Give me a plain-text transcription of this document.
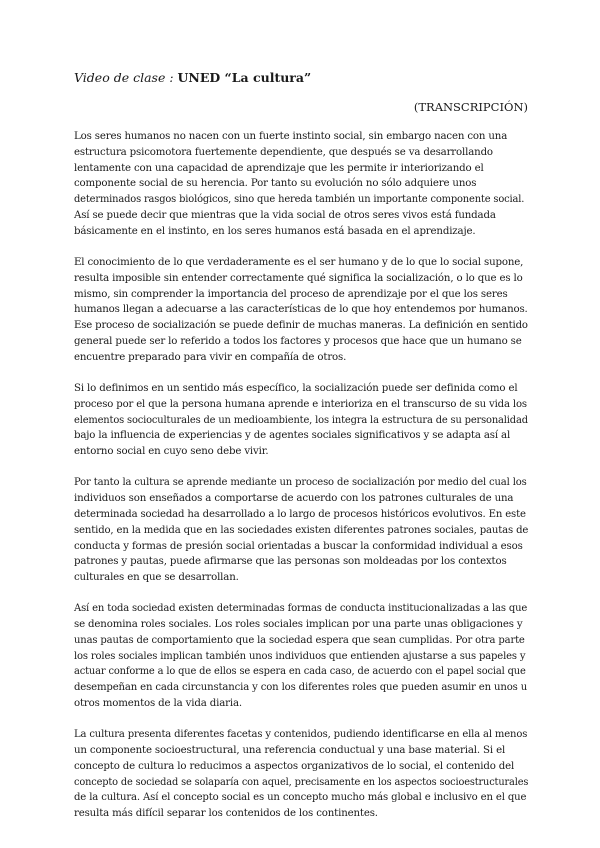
Video de clase : UNED “La cultura”
(TRANSCRIPCIÓN)

Los seres humanos no nacen con un fuerte instinto social, sin embargo nacen con una
estructura psicomotora fuertemente dependiente, que después se va desarrollando
lentamente con una capacidad de aprendizaje que les permite ir interiorizando el
componente social de su herencia. Por tanto su evolución no sólo adquiere unos
determinados rasgos biológicos, sino que hereda también un importante componente social.
Así se puede decir que mientras que la vida social de otros seres vivos está fundada
básicamente en el instinto, en los seres humanos está basada en el aprendizaje.

El conocimiento de lo que verdaderamente es el ser humano y de lo que lo social supone,
resulta imposible sin entender correctamente qué significa la socialización, o lo que es lo
mismo, sin comprender la importancia del proceso de aprendizaje por el que los seres
humanos llegan a adecuarse a las características de lo que hoy entendemos por humanos.
Ese proceso de socialización se puede definir de muchas maneras. La definición en sentido
general puede ser lo referido a todos los factores y procesos que hace que un humano se
encuentre preparado para vivir en compañía de otros.

Si lo definimos en un sentido más específico, la socialización puede ser definida como el
proceso por el que la persona humana aprende e interioriza en el transcurso de su vida los
elementos socioculturales de un medioambiente, los integra la estructura de su personalidad
bajo la influencia de experiencias y de agentes sociales significativos y se adapta así al
entorno social en cuyo seno debe vivir.

Por tanto la cultura se aprende mediante un proceso de socialización por medio del cual los
individuos son enseñados a comportarse de acuerdo con los patrones culturales de una
determinada sociedad ha desarrollado a lo largo de procesos históricos evolutivos. En este
sentido, en la medida que en las sociedades existen diferentes patrones sociales, pautas de
conducta y formas de presión social orientadas a buscar la conformidad individual a esos
patrones y pautas, puede afirmarse que las personas son moldeadas por los contextos
culturales en que se desarrollan.

Así en toda sociedad existen determinadas formas de conducta institucionalizadas a las que
se denomina roles sociales. Los roles sociales implican por una parte unas obligaciones y
unas pautas de comportamiento que la sociedad espera que sean cumplidas. Por otra parte
los roles sociales implican también unos individuos que entienden ajustarse a sus papeles y
actuar conforme a lo que de ellos se espera en cada caso, de acuerdo con el papel social que
desempeñan en cada circunstancia y con los diferentes roles que pueden asumir en unos u
otros momentos de la vida diaria.

La cultura presenta diferentes facetas y contenidos, pudiendo identificarse en ella al menos
un componente socioestructural, una referencia conductual y una base material. Si el
concepto de cultura lo reducimos a aspectos organizativos de lo social, el contenido del
concepto de sociedad se solaparía con aquel, precisamente en los aspectos socioestructurales
de la cultura. Así el concepto social es un concepto mucho más global e inclusivo en el que
resulta más difícil separar los contenidos de los continentes.
